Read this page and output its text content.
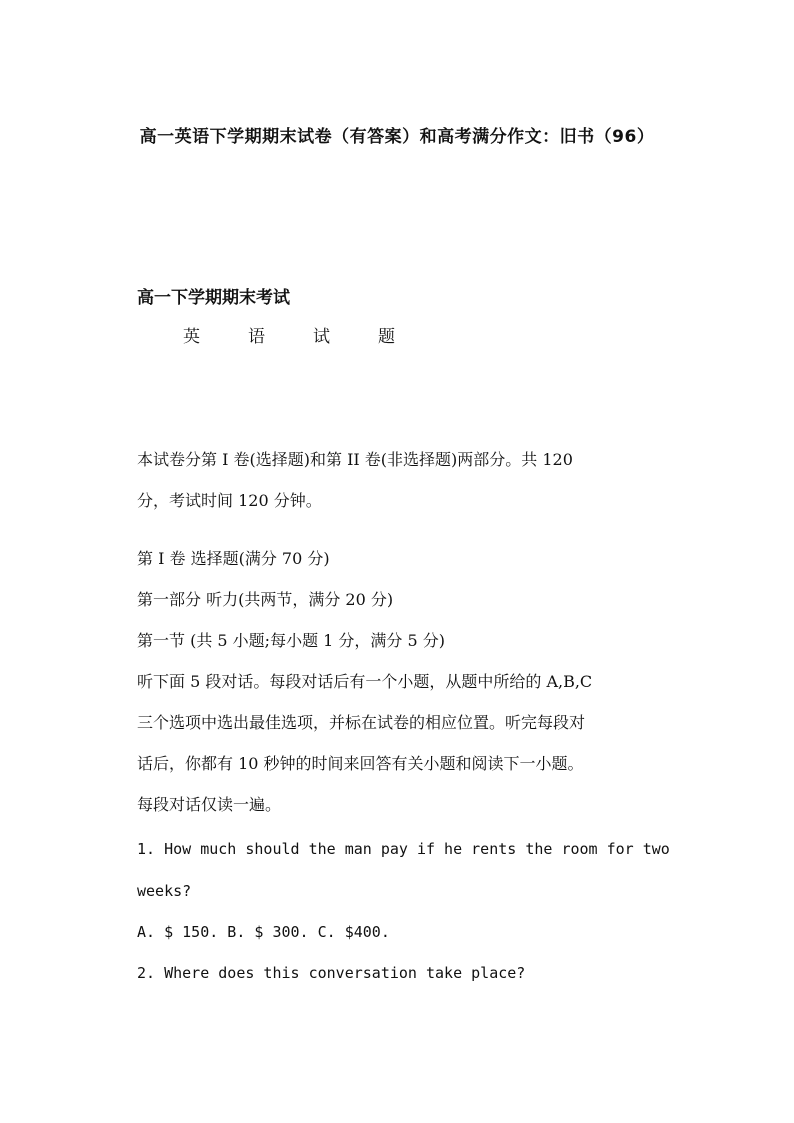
高一英语下学期期末试卷（有答案）和高考满分作文：旧书（96）
高一下学期期末考试
英	语	试	题
本试卷分第 I 卷(选择题)和第 II 卷(非选择题)两部分。共 120
分，考试时间 120 分钟。
第 I 卷 选择题(满分 70 分)
第一部分 听力(共两节，满分 20 分)
第一节 (共 5 小题;每小题 1 分，满分 5 分)
听下面 5 段对话。每段对话后有一个小题，从题中所给的 A,B,C
三个选项中选出最佳选项，并标在试卷的相应位置。听完每段对
话后，你都有 10 秒钟的时间来回答有关小题和阅读下一小题。
每段对话仅读一遍。
1. How much should the man pay if he rents the room for two
weeks?
A. $ 150. B. $ 300. C. $400.
2. Where does this conversation take place?
